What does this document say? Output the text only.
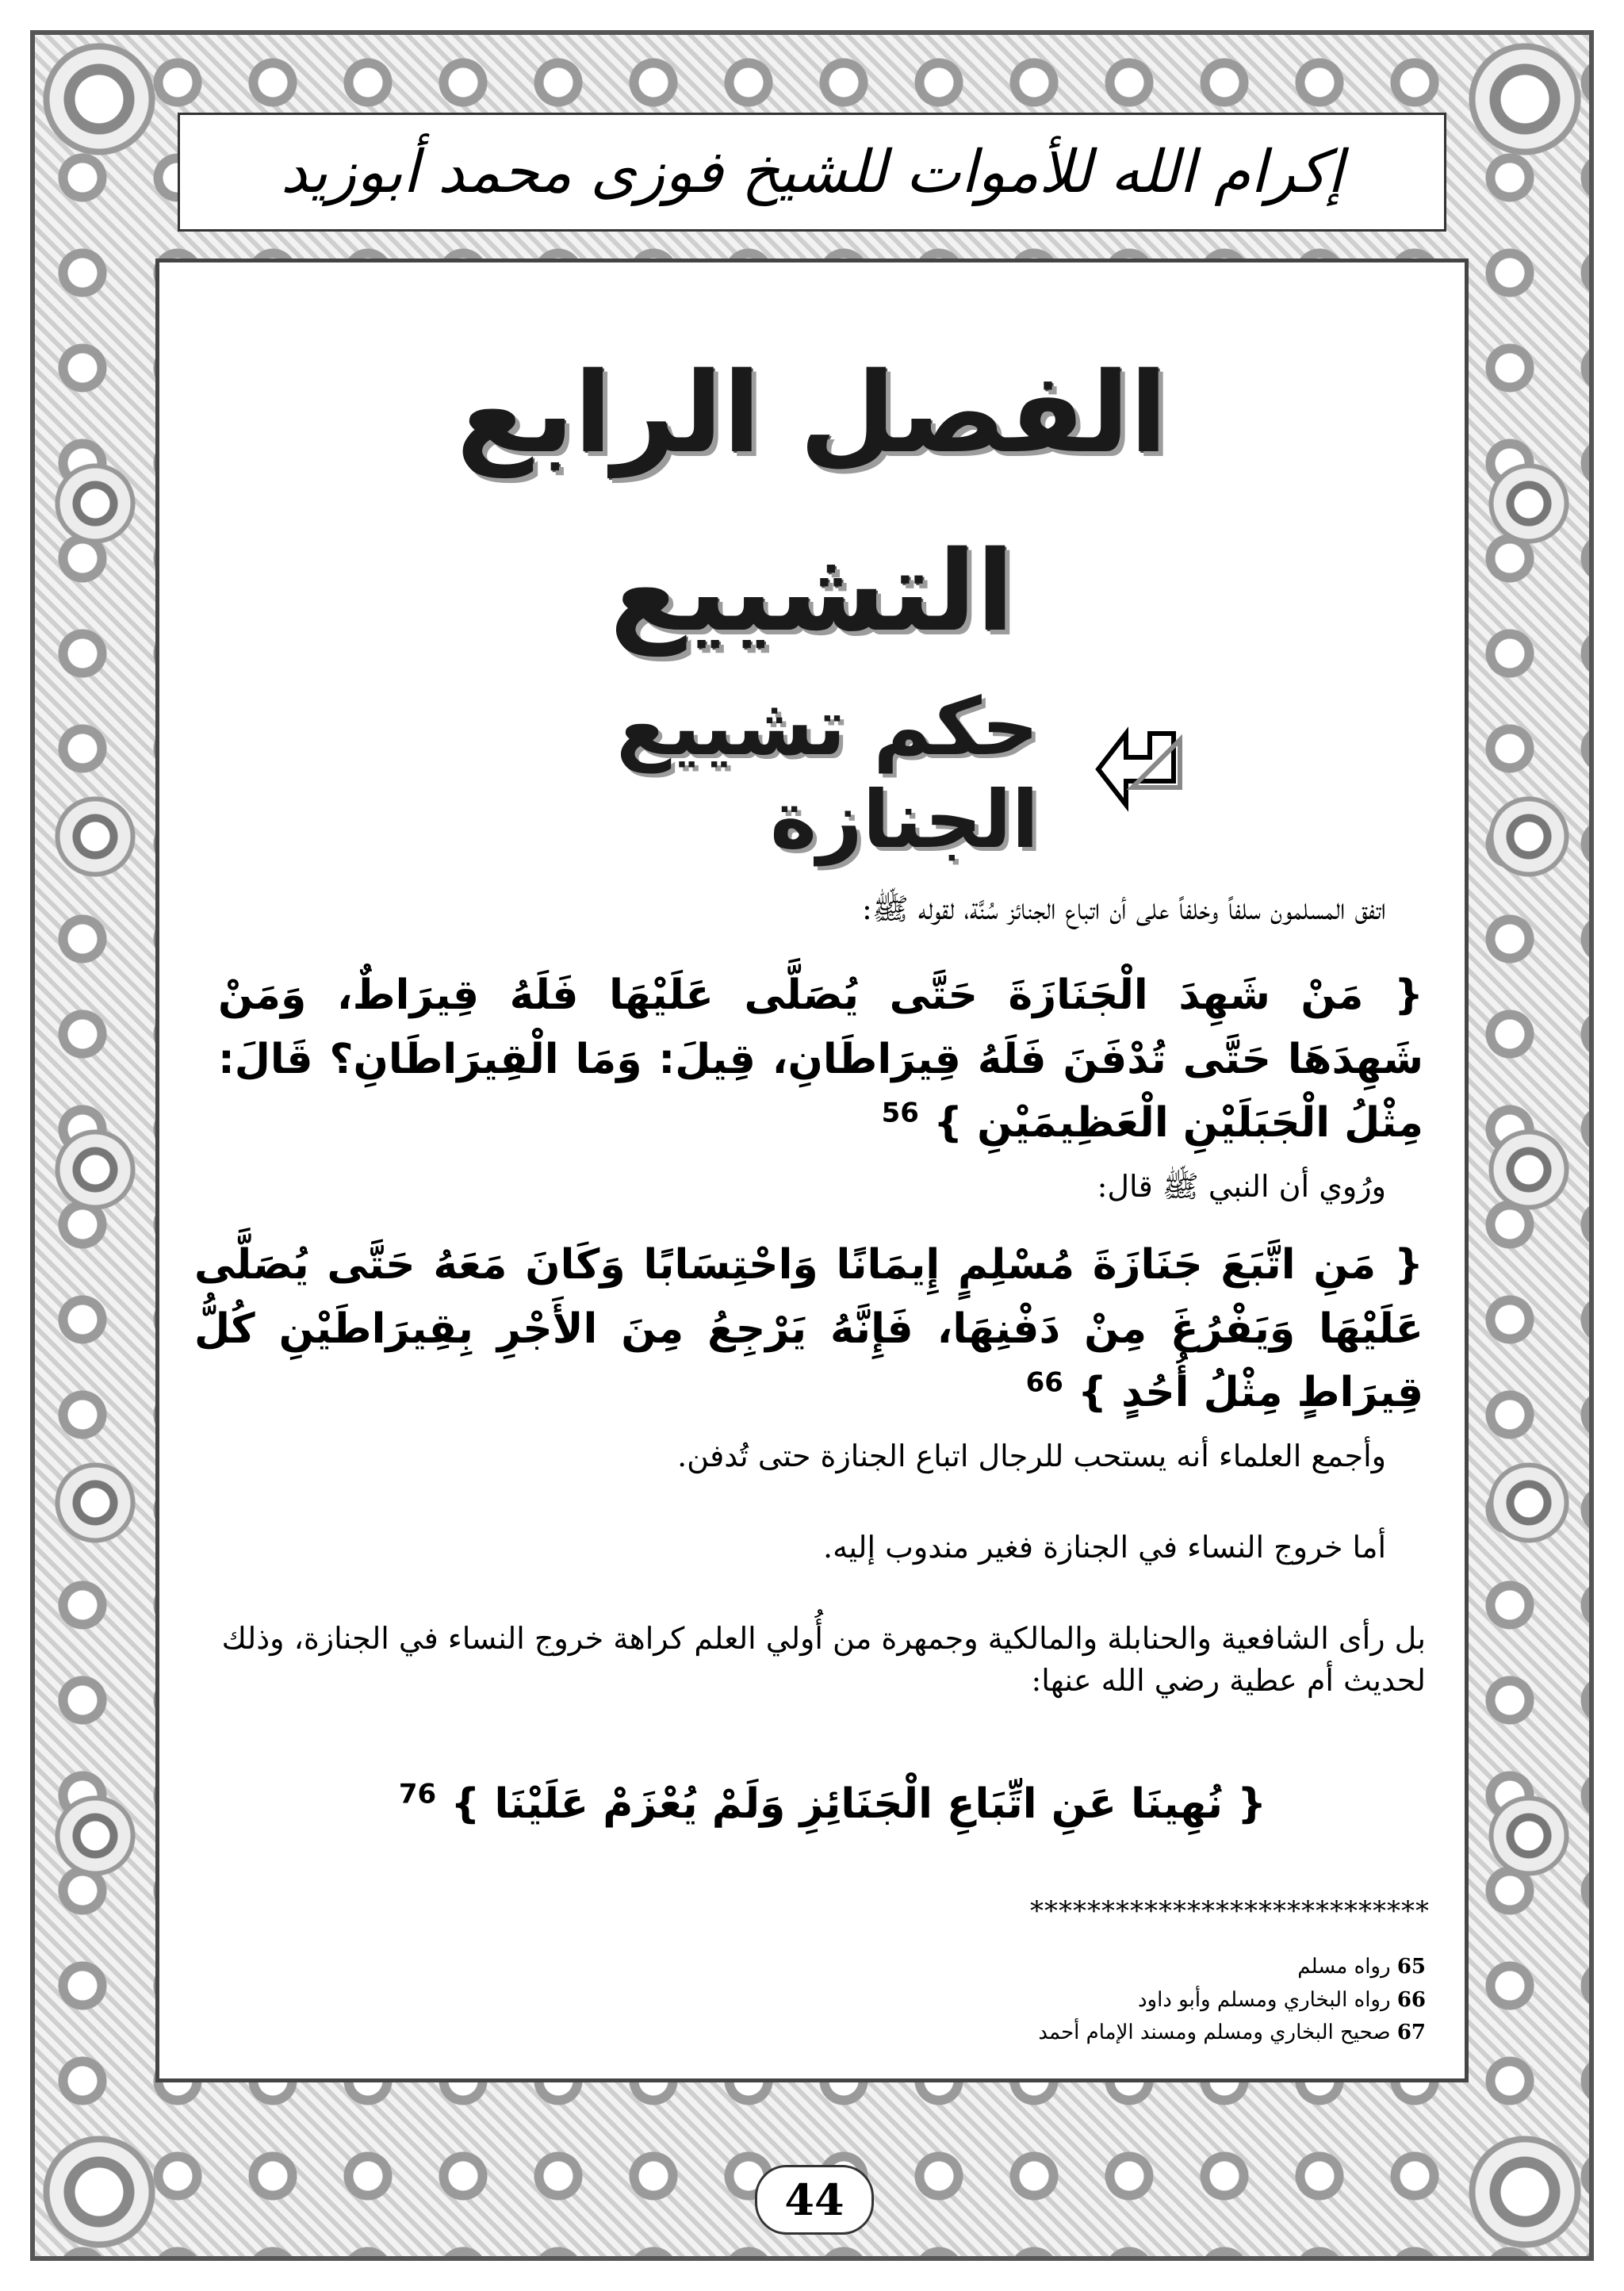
إكرام الله للأموات للشيخ فوزى محمد أبوزيد
الفصل الرابع
التشييع
حكم تشييع الجنازة
اتفق المسلمون سلفاً وخلفاً على أن اتباع الجنائز سُنَّة، لقوله ﷺ:
{ مَنْ شَهِدَ الْجَنَازَةَ حَتَّى يُصَلَّى عَلَيْهَا فَلَهُ قِيرَاطٌ، وَمَنْ شَهِدَهَا حَتَّى تُدْفَنَ فَلَهُ قِيرَاطَانِ، قِيلَ: وَمَا الْقِيرَاطَانِ؟ قَالَ: مِثْلُ الْجَبَلَيْنِ الْعَظِيمَيْنِ } $^{56}$
ورُوي أن النبي ﷺ قال:
{ مَنِ اتَّبَعَ جَنَازَةَ مُسْلِمٍ إِيمَانًا وَاحْتِسَابًا وَكَانَ مَعَهُ حَتَّى يُصَلَّى عَلَيْهَا وَيَفْرُغَ مِنْ دَفْنِهَا، فَإِنَّهُ يَرْجِعُ مِنَ الأَجْرِ بِقِيرَاطَيْنِ كُلُّ قِيرَاطٍ مِثْلُ أُحُدٍ } $^{66}$
وأجمع العلماء أنه يستحب للرجال اتباع الجنازة حتى تُدفن.
أما خروج النساء في الجنازة فغير مندوب إليه.
بل رأى الشافعية والحنابلة والمالكية وجمهرة من أُولي العلم كراهة خروج النساء في الجنازة، وذلك لحديث أم عطية رضي الله عنها:
{ نُهِينَا عَنِ اتِّبَاعِ الْجَنَائِزِ وَلَمْ يُعْزَمْ عَلَيْنَا } $^{76}$
****************************
65 رواه مسلم
66 رواه البخاري ومسلم وأبو داود
67 صحيح البخاري ومسلم ومسند الإمام أحمد
44
